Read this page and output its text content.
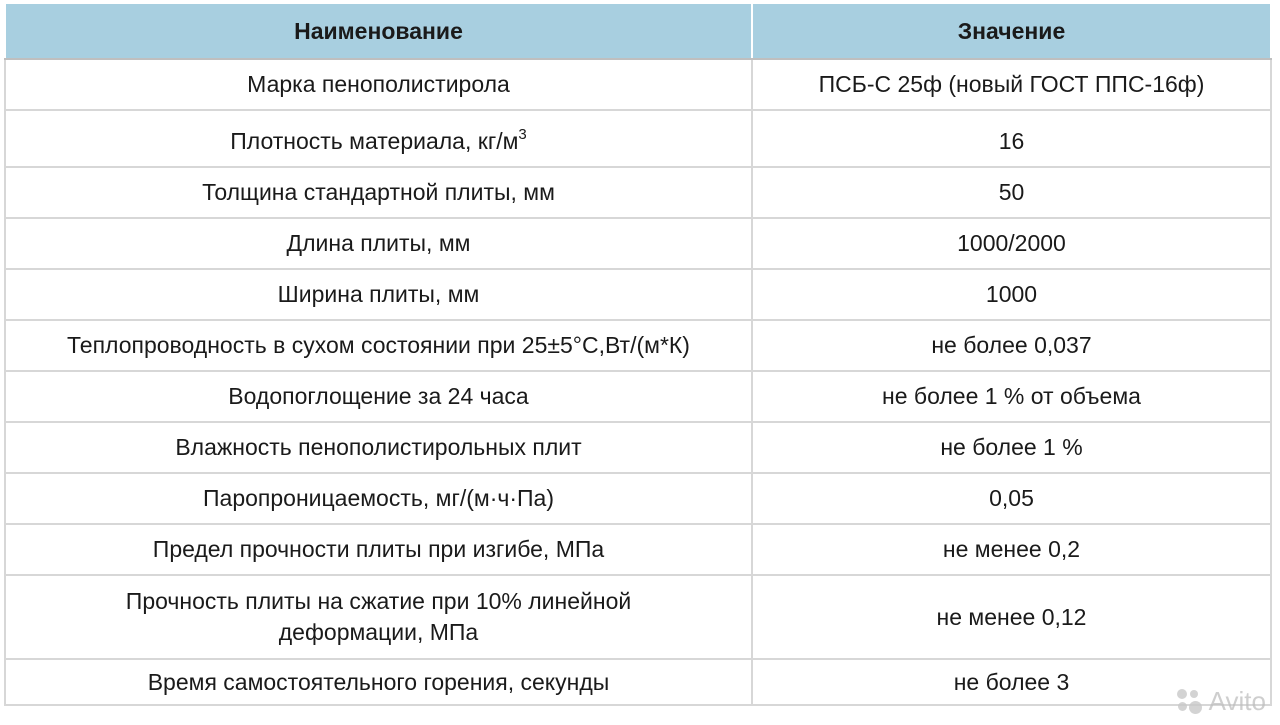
Наименование	Значение
Марка пенополистирола	ПСБ-С 25ф (новый ГОСТ ППС-16ф)
Плотность материала, $кг/м^3$	16
Толщина стандартной плиты, мм	50
Длина плиты, мм	1000/2000
Ширина плиты, мм	1000
Теплопроводность в сухом состоянии при 25±5°C,Вт/(м*К)	не более 0,037
Водопоглощение за 24 часа	не более 1 % от объема
Влажность пенополистирольных плит	не более 1 %
Паропроницаемость, мг/(м·ч·Па)	0,05
Предел прочности плиты при изгибе, МПа	не менее 0,2
Прочность плиты на сжатие при 10% линейной деформации, МПа	не менее 0,12
Время самостоятельного горения, секунды	не более 3
Avito
